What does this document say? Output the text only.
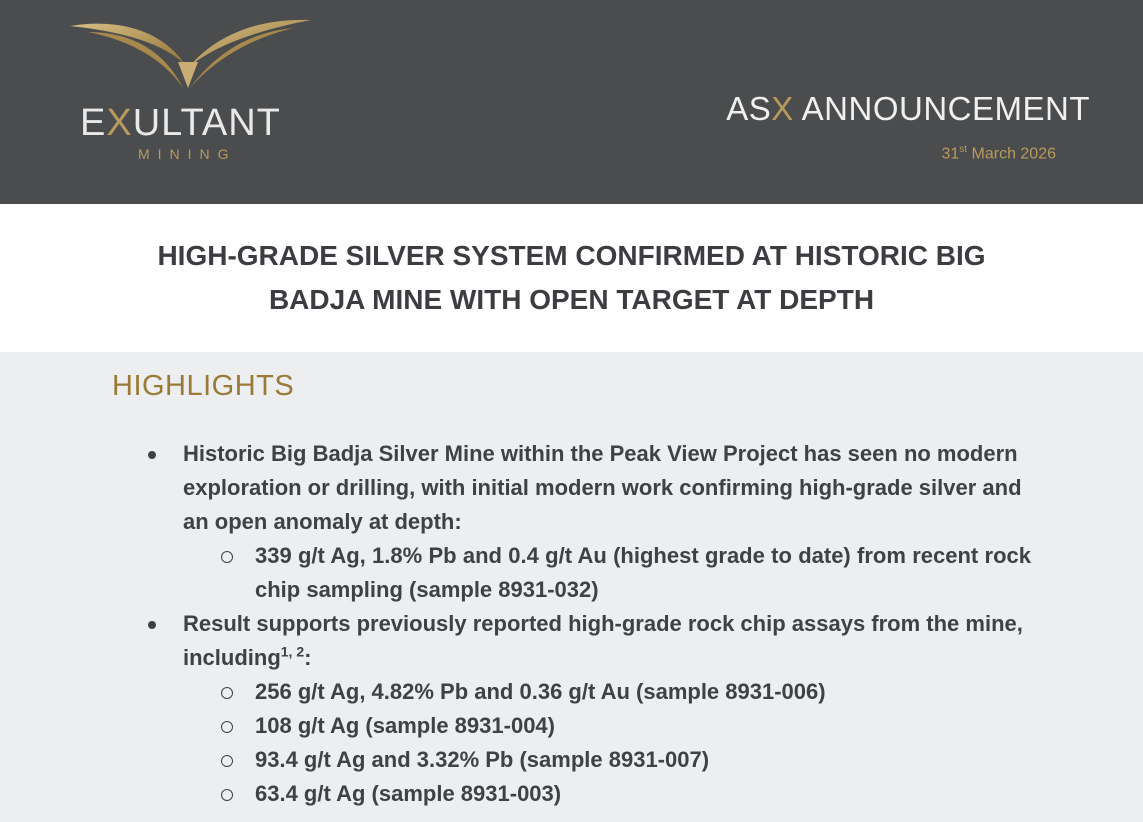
EXULTANT
MINING
ASX ANNOUNCEMENT
31st March 2026
HIGH-GRADE SILVER SYSTEM CONFIRMED AT HISTORIC BIG
BADJA MINE WITH OPEN TARGET AT DEPTH
HIGHLIGHTS
Historic Big Badja Silver Mine within the Peak View Project has seen no modern exploration or drilling, with initial modern work confirming high-grade silver and an open anomaly at depth:
339 g/t Ag, 1.8% Pb and 0.4 g/t Au (highest grade to date) from recent rock chip sampling (sample 8931-032)
Result supports previously reported high-grade rock chip assays from the mine, including$^{1, 2}$:
256 g/t Ag, 4.82% Pb and 0.36 g/t Au (sample 8931-006)
108 g/t Ag (sample 8931-004)
93.4 g/t Ag and 3.32% Pb (sample 8931-007)
63.4 g/t Ag (sample 8931-003)
